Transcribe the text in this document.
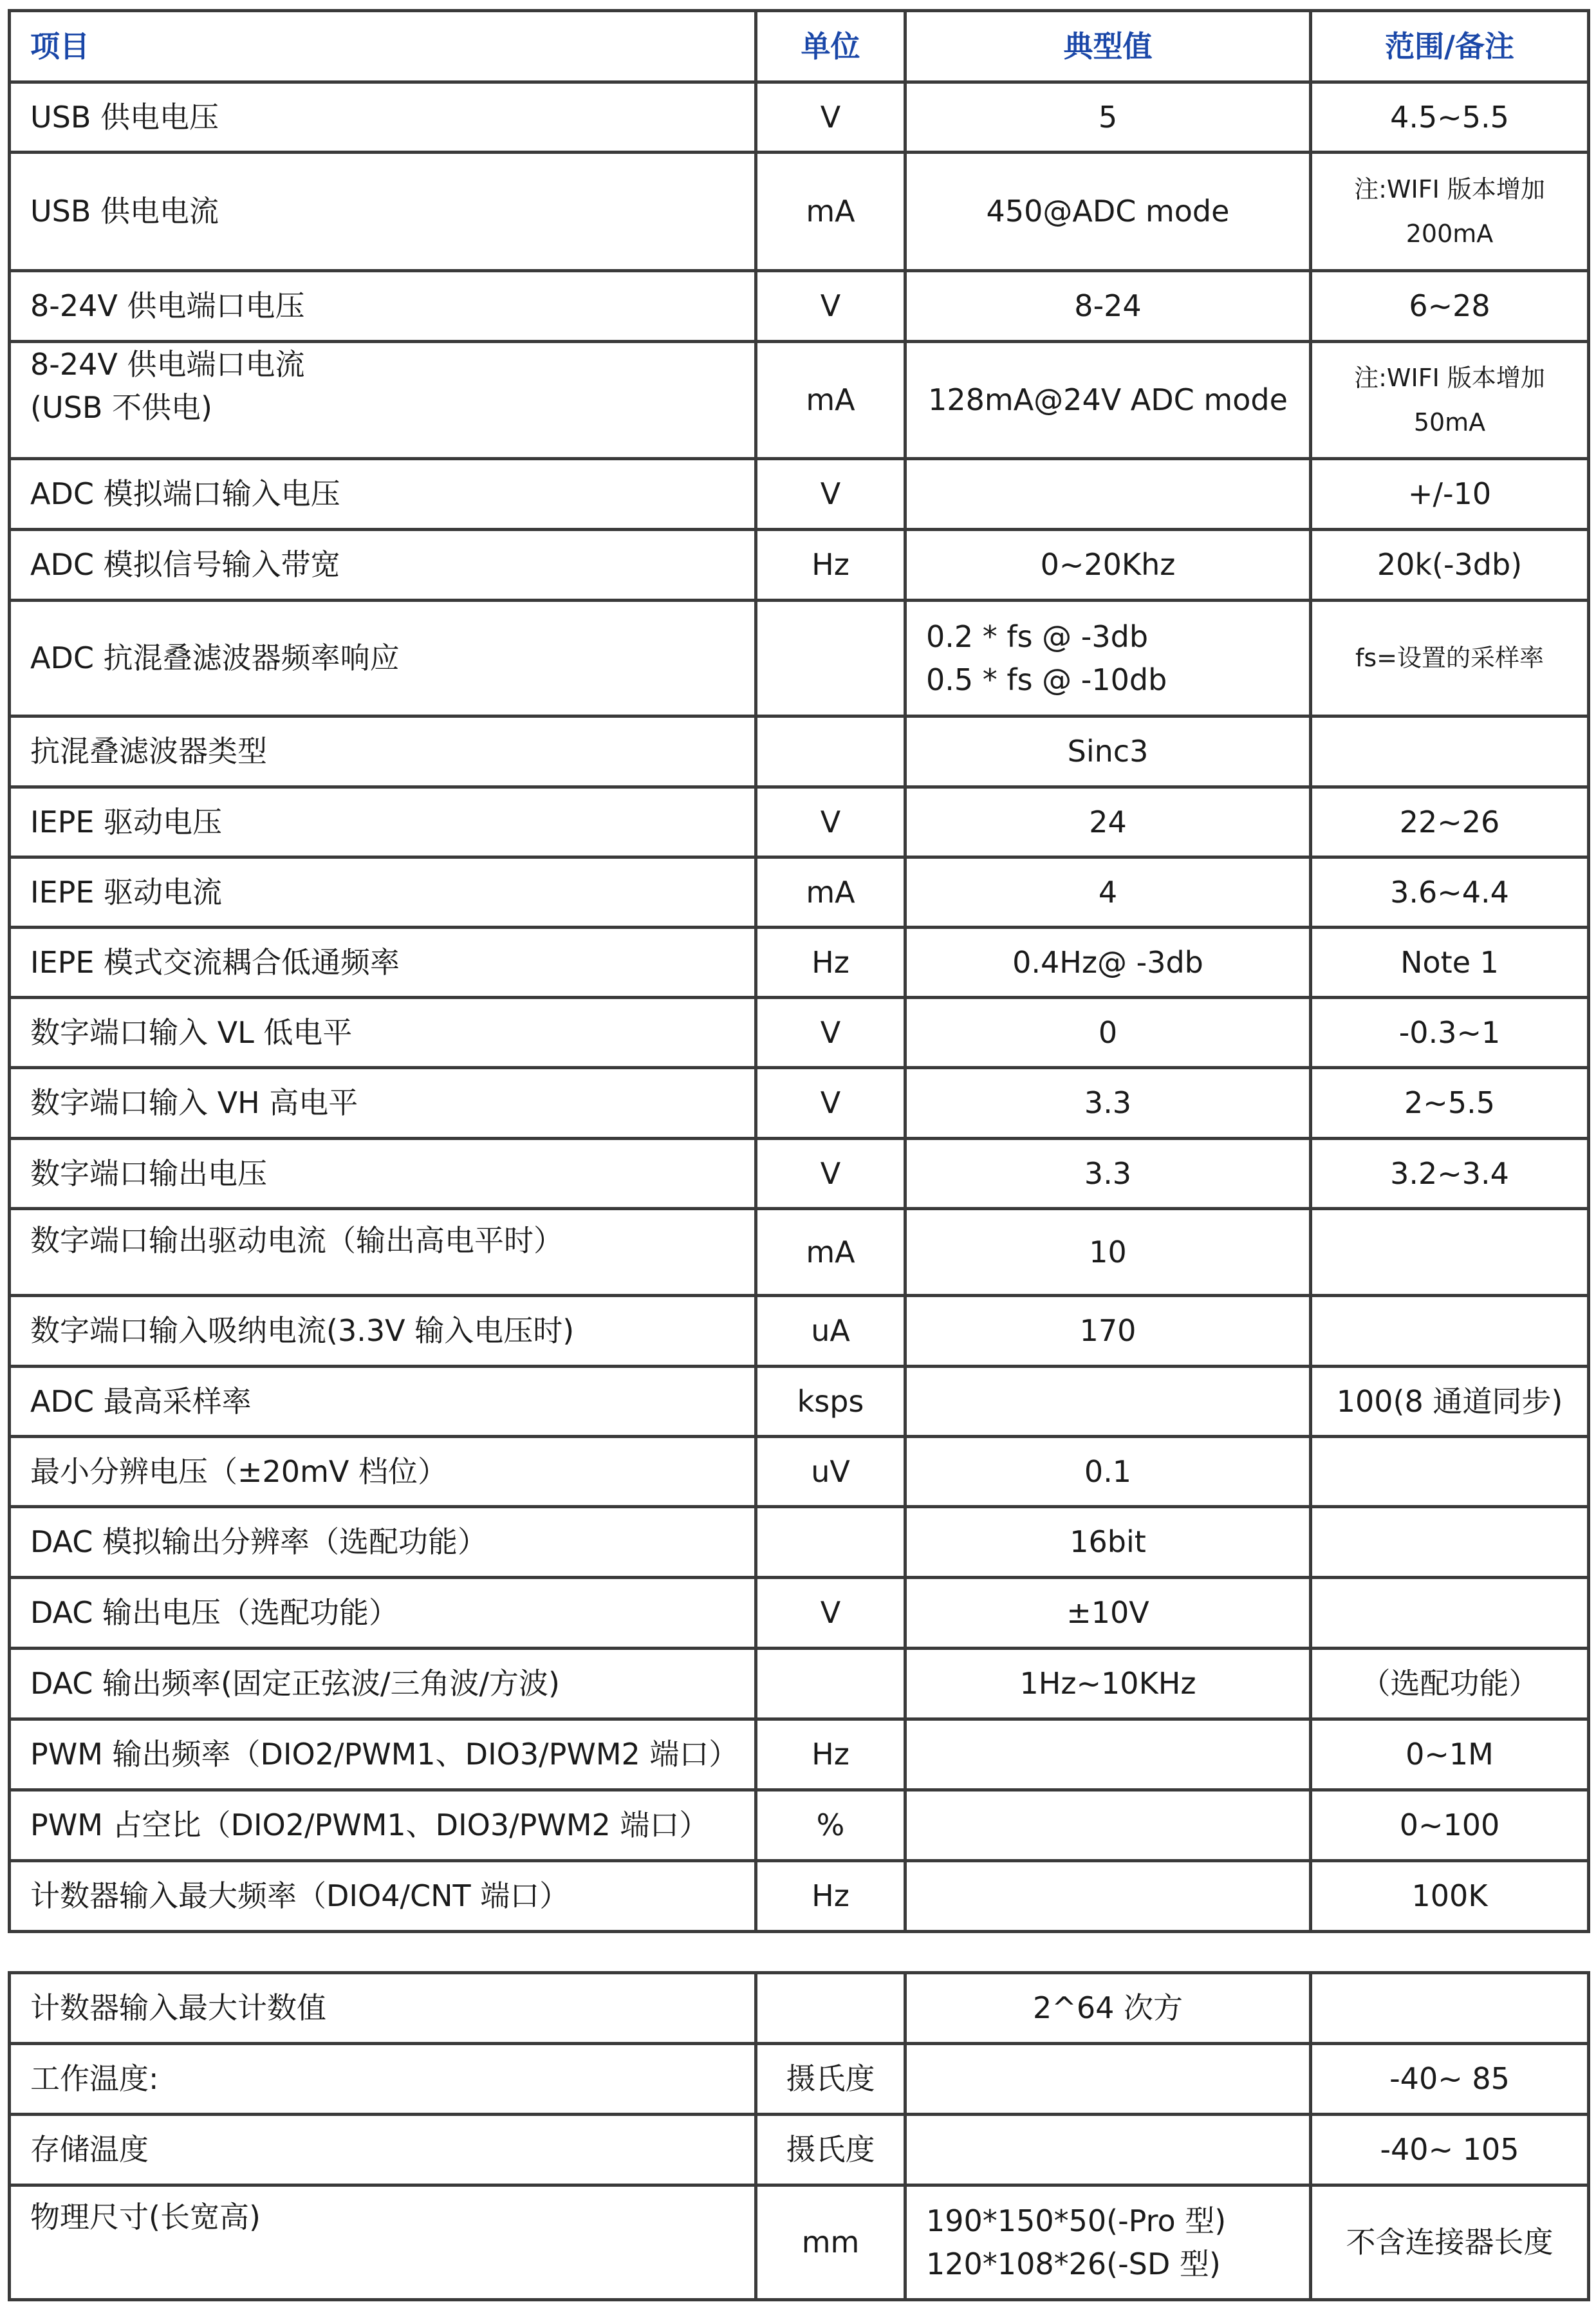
项目	单位	典型值	范围/备注
USB 供电电压	V	5	4.5~5.5
USB 供电电流	mA	450@ADC mode	注:WIFI 版本增加
200mA

8-24V 供电端口电压	V	8-24	6~28

8-24V 供电端口电流
(USB 不供电)	mA	128mA@24V ADC mode	注:WIFI 版本增加
50mA

ADC 模拟端口输入电压	V		+/-10
ADC 模拟信号输入带宽	Hz	0~20Khz	20k(-3db)
ADC 抗混叠滤波器频率响应		0.2 * fs @ -3db
0.5 * fs @ -10db	fs=设置的采样率
抗混叠滤波器类型		Sinc3	
IEPE 驱动电压	V	24	22~26
IEPE 驱动电流	mA	4	3.6~4.4
IEPE 模式交流耦合低通频率	Hz	0.4Hz@ -3db	Note 1
数字端口输入 VL 低电平	V	0	-0.3~1
数字端口输入 VH 高电平	V	3.3	2~5.5
数字端口输出电压	V	3.3	3.2~3.4
数字端口输出驱动电流（输出高电平时）	mA	10	
数字端口输入吸纳电流(3.3V 输入电压时)	uA	170	
ADC 最高采样率	ksps		100(8 通道同步)
最小分辨电压（±20mV 档位）	uV	0.1	
DAC 模拟输出分辨率（选配功能）		16bit	
DAC 输出电压（选配功能）	V	±10V	
DAC 输出频率(固定正弦波/三角波/方波)		1Hz~10KHz	（选配功能）
PWM 输出频率（DIO2/PWM1、DIO3/PWM2 端口）	Hz		0~1M
PWM 占空比（DIO2/PWM1、DIO3/PWM2 端口）	%		0~100
计数器输入最大频率（DIO4/CNT 端口）	Hz		100K
计数器输入最大计数值		2^64 次方	
工作温度:	摄氏度		-40~ 85
存储温度	摄氏度		-40~ 105
物理尺寸(长宽高)	mm	190*150*50(-Pro 型)
120*108*26(-SD 型)	不含连接器长度
